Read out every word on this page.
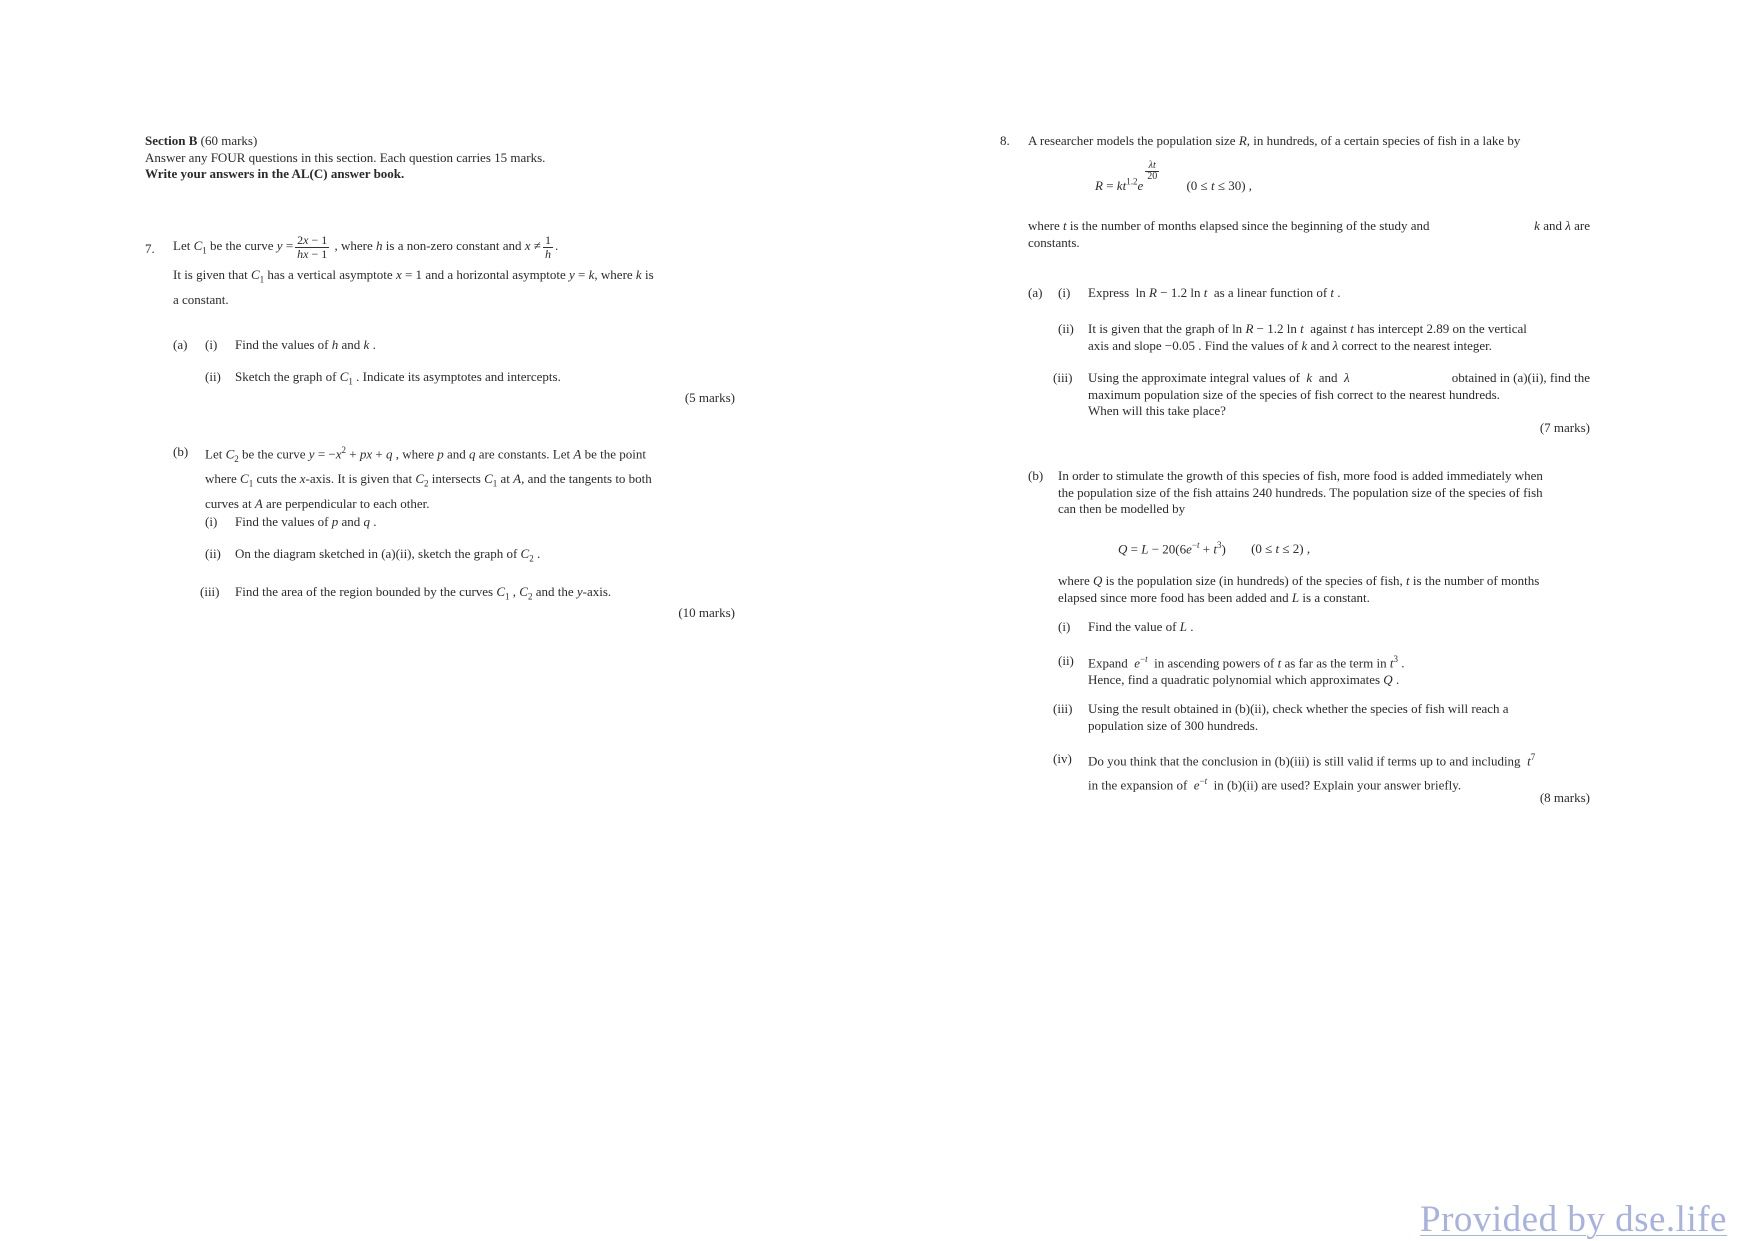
Section B (60 marks)
Answer any FOUR questions in this section. Each question carries 15 marks.
Write your answers in the AL(C) answer book.
7. Let $C_1$ be the curve $y = \frac{2x - 1}{hx - 1}$ , where h is a non-zero constant and $x \ne \frac{1}{h}$ .
It is given that $C_1$ has a vertical asymptote x = 1 and a horizontal asymptote y = k, where k is
a constant.
(a) (i) Find the values of h and k .
(ii) Sketch the graph of $C_1$ . Indicate its asymptotes and intercepts.
(5 marks)
(b) Let $C_2$ be the curve $y = -x^2$ + px + q , where p and q are constants. Let A be the point
where $C_1$ cuts the x-axis. It is given that $C_2$ intersects $C_1$ at A, and the tangents to both
curves at A are perpendicular to each other.
(i) Find the values of p and q .
(ii) On the diagram sketched in (a)(ii), sketch the graph of $C_2$ .
(iii) Find the area of the region bounded by the curves $C_1$ , $C_2$ and the y-axis.
(10 marks)
8. A researcher models the population size R, in hundreds, of a certain species of fish in a lake by
$R = kt^{1.2}e$
$\frac{\lambda t}{20}$
(0 ≤ t ≤ 30) ,
where t is the number of months elapsed since the beginning of the study and	k and λ are
constants.
(a) (i) Express  ln R − 1.2 ln t as a linear function of t .
(ii) It is given that the graph of ln R − 1.2 ln t against t has intercept 2.89 on the vertical
axis and slope −0.05 . Find the values of k and λ correct to the nearest integer.
(iii) Using the approximate integral values of k  and  λ	obtained in (a)(ii), find the
maximum population size of the species of fish correct to the nearest hundreds.
When will this take place?
(7 marks)
(b) In order to stimulate the growth of this species of fish, more food is added immediately when
the population size of the fish attains 240 hundreds. The population size of the species of fish
can then be modelled by
$Q = L - 20(6e^{-t} + t^3) (0 \le t \le 2)$ ,
where Q is the population size (in hundreds) of the species of fish, t is the number of months
elapsed since more food has been added and L is a constant.
(i) Find the value of L .
(ii) Expand $e^{-t}$ in ascending powers of t as far as the term in $t^3$ .
Hence, find a quadratic polynomial which approximates Q .
(iii) Using the result obtained in (b)(ii), check whether the species of fish will reach a
population size of 300 hundreds.
(iv) Do you think that the conclusion in (b)(iii) is still valid if terms up to and including $t^7$
in the expansion of $e^{-t}$ in (b)(ii) are used? Explain your answer briefly.
(8 marks)
Provided by dse.life
